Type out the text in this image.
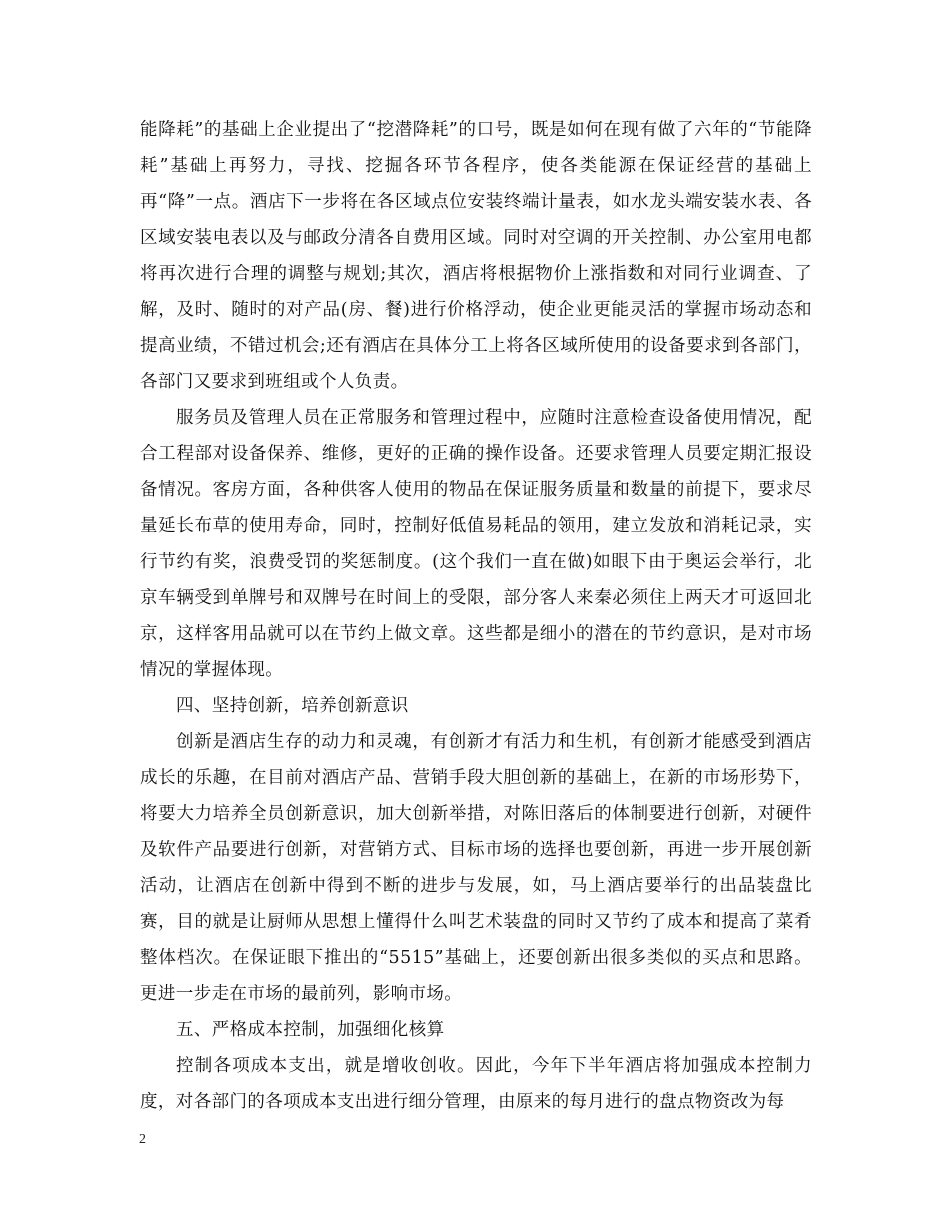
能降耗”的基础上企业提出了“挖潜降耗”的口号，既是如何在现有做了六年的“节能降耗”基础上再努力，寻找、挖掘各环节各程序，使各类能源在保证经营的基础上再“降”一点。酒店下一步将在各区域点位安装终端计量表，如水龙头端安装水表、各区域安装电表以及与邮政分清各自费用区域。同时对空调的开关控制、办公室用电都将再次进行合理的调整与规划;其次，酒店将根据物价上涨指数和对同行业调查、了解，及时、随时的对产品(房、餐)进行价格浮动，使企业更能灵活的掌握市场动态和提高业绩，不错过机会;还有酒店在具体分工上将各区域所使用的设备要求到各部门，各部门又要求到班组或个人负责。

服务员及管理人员在正常服务和管理过程中，应随时注意检查设备使用情况，配合工程部对设备保养、维修，更好的正确的操作设备。还要求管理人员要定期汇报设备情况。客房方面，各种供客人使用的物品在保证服务质量和数量的前提下，要求尽量延长布草的使用寿命，同时，控制好低值易耗品的领用，建立发放和消耗记录，实行节约有奖，浪费受罚的奖惩制度。(这个我们一直在做)如眼下由于奥运会举行，北京车辆受到单牌号和双牌号在时间上的受限，部分客人来秦必须住上两天才可返回北京，这样客用品就可以在节约上做文章。这些都是细小的潜在的节约意识，是对市场情况的掌握体现。

四、坚持创新，培养创新意识

创新是酒店生存的动力和灵魂，有创新才有活力和生机，有创新才能感受到酒店成长的乐趣，在目前对酒店产品、营销手段大胆创新的基础上，在新的市场形势下，将要大力培养全员创新意识，加大创新举措，对陈旧落后的体制要进行创新，对硬件及软件产品要进行创新，对营销方式、目标市场的选择也要创新，再进一步开展创新活动，让酒店在创新中得到不断的进步与发展，如，马上酒店要举行的出品装盘比赛，目的就是让厨师从思想上懂得什么叫艺术装盘的同时又节约了成本和提高了菜肴整体档次。在保证眼下推出的“5515”基础上，还要创新出很多类似的买点和思路。更进一步走在市场的最前列，影响市场。

五、严格成本控制，加强细化核算

控制各项成本支出，就是增收创收。因此，今年下半年酒店将加强成本控制力度，对各部门的各项成本支出进行细分管理，由原来的每月进行的盘点物资改为每

2
